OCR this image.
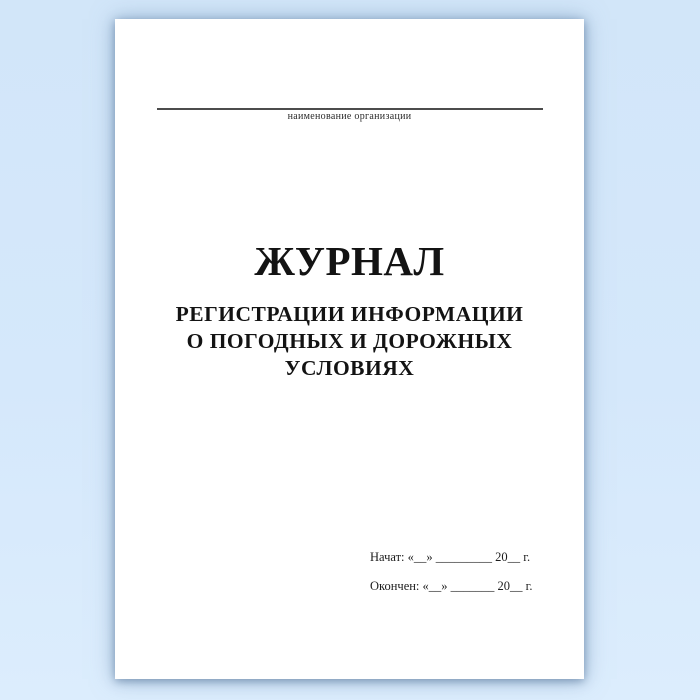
наименование организации
ЖУРНАЛ
РЕГИСТРАЦИИ ИНФОРМАЦИИ
О ПОГОДНЫХ И ДОРОЖНЫХ
УСЛОВИЯХ
Начат: «__» _________ 20__ г.
Окончен: «__» _______ 20__ г.
